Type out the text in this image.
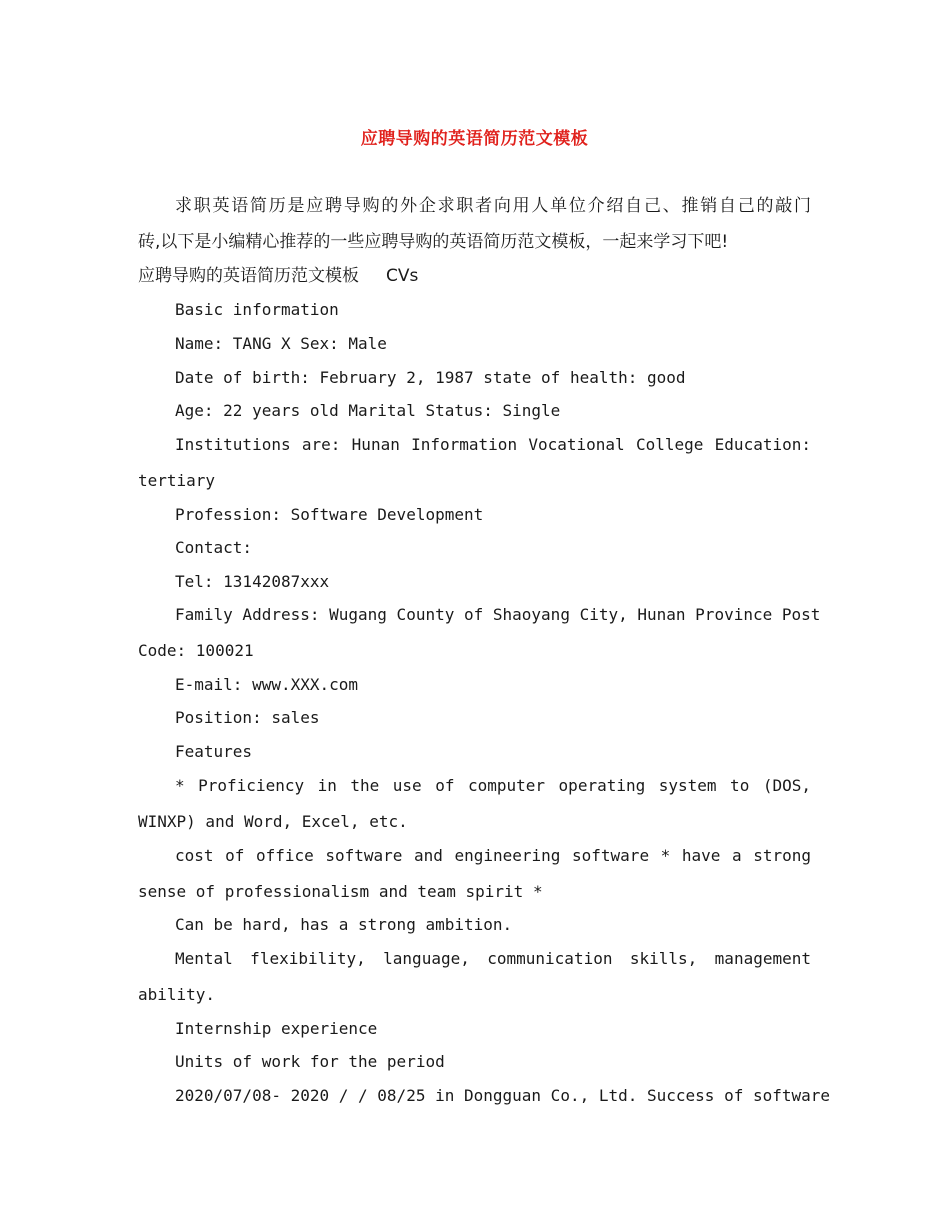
应聘导购的英语简历范文模板
求职英语简历是应聘导购的外企求职者向用人单位介绍自己、推销自己的敲门
砖,以下是小编精心推荐的一些应聘导购的英语简历范文模板，一起来学习下吧!
应聘导购的英语简历范文模板     CVs
Basic information
Name: TANG X Sex: Male
Date of birth: February 2, 1987 state of health: good
Age: 22 years old Marital Status: Single
Institutions are: Hunan Information Vocational College Education:
tertiary
Profession: Software Development
Contact:
Tel: 13142087xxx
Family Address: Wugang County of Shaoyang City, Hunan Province Post
Code: 100021
E-mail: www.XXX.com
Position: sales
Features
* Proficiency in the use of computer operating system to (DOS,
WINXP) and Word, Excel, etc.
cost of office software and engineering software * have a strong
sense of professionalism and team spirit *
Can be hard, has a strong ambition.
Mental flexibility, language, communication skills, management
ability.
Internship experience
Units of work for the period
2020/07/08- 2020 / / 08/25 in Dongguan Co., Ltd. Success of software
